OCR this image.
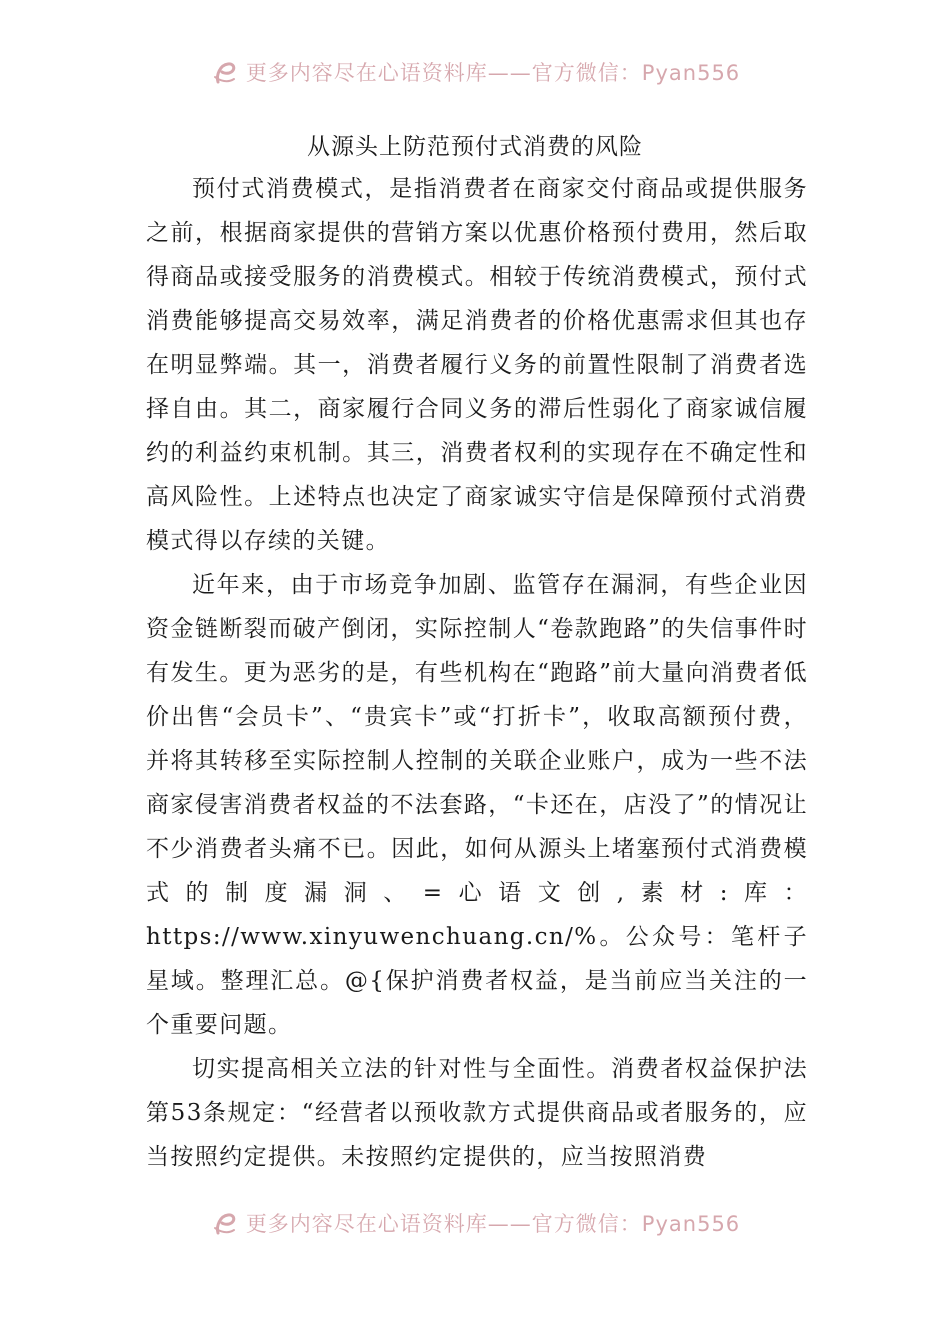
更多内容尽在心语资料库——官方微信：Pyan556
从源头上防范预付式消费的风险

预付式消费模式，是指消费者在商家交付商品或提供服务之前，根据商家提供的营销方案以优惠价格预付费用，然后取得商品或接受服务的消费模式。相较于传统消费模式，预付式消费能够提高交易效率，满足消费者的价格优惠需求但其也存在明显弊端。其一，消费者履行义务的前置性限制了消费者选择自由。其二，商家履行合同义务的滞后性弱化了商家诚信履约的利益约束机制。其三，消费者权利的实现存在不确定性和高风险性。上述特点也决定了商家诚实守信是保障预付式消费模式得以存续的关键。

近年来，由于市场竞争加剧、监管存在漏洞，有些企业因资金链断裂而破产倒闭，实际控制人“卷款跑路”的失信事件时有发生。更为恶劣的是，有些机构在“跑路”前大量向消费者低价出售“会员卡”、“贵宾卡”或“打折卡”，收取高额预付费，并将其转移至实际控制人控制的关联企业账户，成为一些不法商家侵害消费者权益的不法套路，“卡还在，店没了”的情况让不少消费者头痛不已。因此，如何从源头上堵塞预付式消费模式的制度漏洞、=心语文创,素材:库：https://www.xinyuwenchuang.cn/%。公众号：笔杆子星域。整理汇总。@{保护消费者权益，是当前应当关注的一个重要问题。

切实提高相关立法的针对性与全面性。消费者权益保护法第53条规定：“经营者以预收款方式提供商品或者服务的，应当按照约定提供。未按照约定提供的，应当按照消费

更多内容尽在心语资料库——官方微信：Pyan556
